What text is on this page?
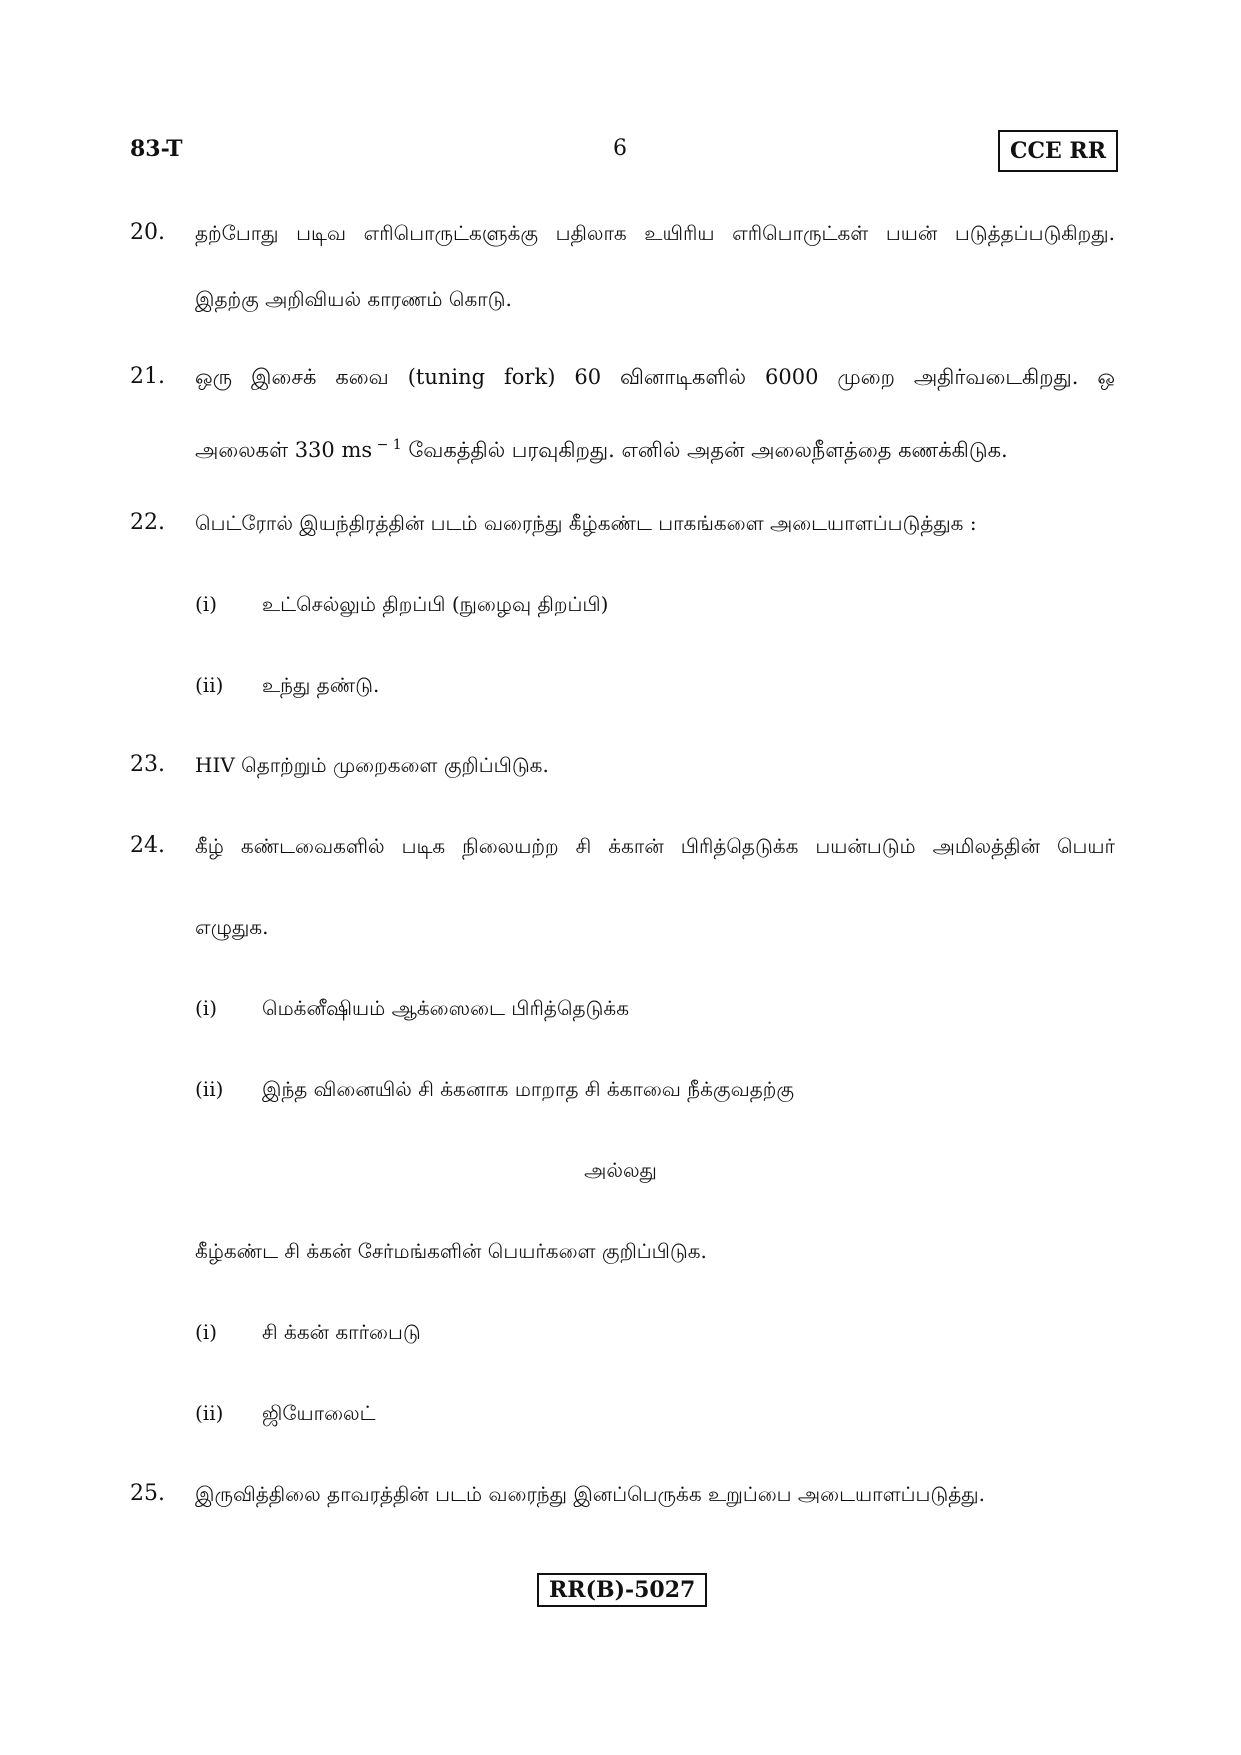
83-T	6	CCE RR
20. தற்போது படிவ எரிபொருட்களுக்கு பதிலாக உயிரிய எரிபொருட்கள் பயன் படுத்தப்படுகிறது.
இதற்கு அறிவியல் காரணம் கொடு.
21. ஒரு இசைக் கவை (tuning fork) 60 வினாடிகளில் 6000 முறை அதிர்வடைகிறது. ஒ
அலைகள் 330 ms $^{- 1}$ வேகத்தில் பரவுகிறது. எனில் அதன் அலைநீளத்தை கணக்கிடுக.
22. பெட்ரோல் இயந்திரத்தின் படம் வரைந்து கீழ்கண்ட பாகங்களை அடையாளப்படுத்துக :
(i) உட்செல்லும் திறப்பி (நுழைவு திறப்பி)
(ii) உந்து தண்டு.
23. HIV தொற்றும் முறைகளை குறிப்பிடுக.
24. கீழ் கண்டவைகளில் படிக நிலையற்ற சி க்கான் பிரித்தெடுக்க பயன்படும் அமிலத்தின் பெயர்
எழுதுக.
(i) மெக்னீஷியம் ஆக்ஸைடை பிரித்தெடுக்க
(ii) இந்த வினையில் சி க்கனாக மாறாத சி க்காவை நீக்குவதற்கு
அல்லது
கீழ்கண்ட சி க்கன் சேர்மங்களின் பெயர்களை குறிப்பிடுக.
(i) சி க்கன் கார்பைடு
(ii) ஜியோலைட்
25. இருவித்திலை தாவரத்தின் படம் வரைந்து இனப்பெருக்க உறுப்பை அடையாளப்படுத்து.
RR(B)-5027
